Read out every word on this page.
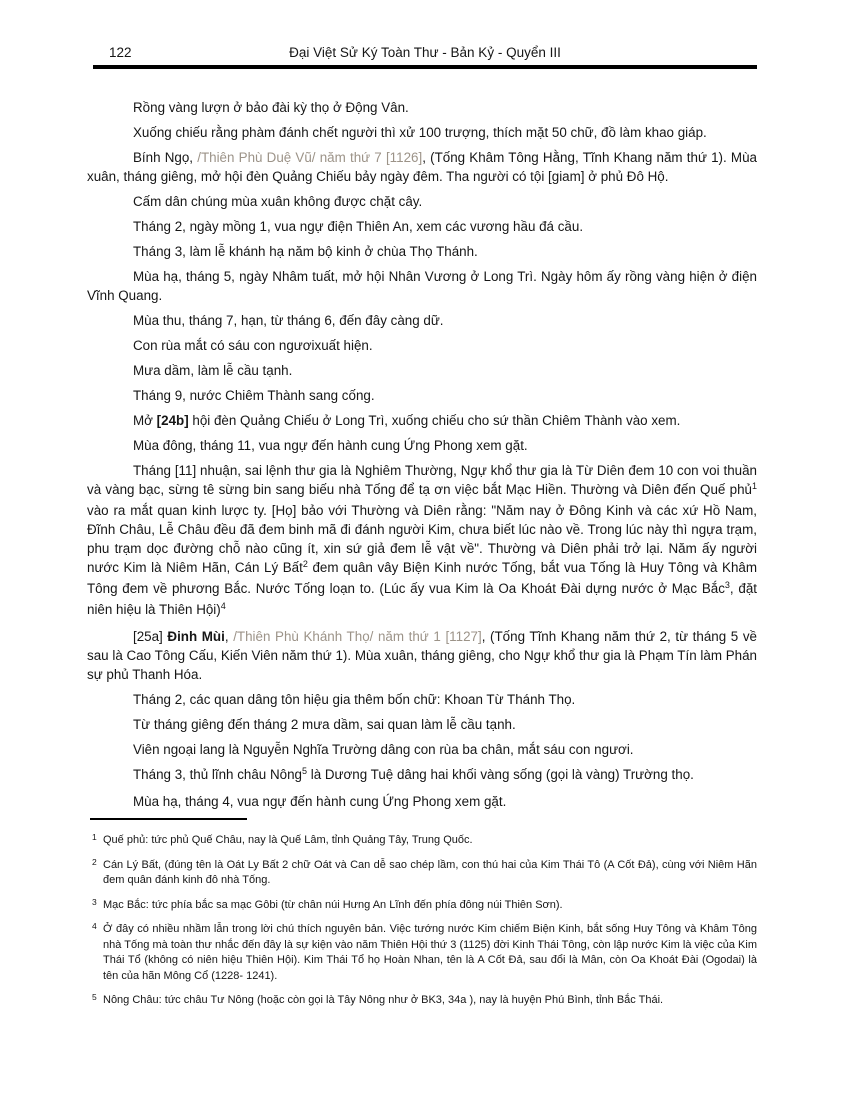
122	Đại Việt Sử Ký Toàn Thư - Bản Kỷ - Quyển III

Rồng vàng lượn ở bảo đài kỳ thọ ở Động Vân.

Xuống chiếu rằng phàm đánh chết người thì xử 100 trượng, thích mặt 50 chữ, đồ làm khao giáp.

Bính Ngọ, /Thiên Phù Duệ Vũ/ năm thứ 7 [1126], (Tống Khâm Tông Hằng, Tĩnh Khang năm thứ 1). Mùa xuân, tháng giêng, mở hội đèn Quảng Chiếu bảy ngày đêm. Tha người có tội [giam] ở phủ Đô Hộ.

Cấm dân chúng mùa xuân không được chặt cây.

Tháng 2, ngày mồng 1, vua ngự điện Thiên An, xem các vương hầu đá cầu.

Tháng 3, làm lễ khánh hạ năm bộ kinh ở chùa Thọ Thánh.

Mùa hạ, tháng 5, ngày Nhâm tuất, mở hội Nhân Vương ở Long Trì. Ngày hôm ấy rồng vàng hiện ở điện Vĩnh Quang.

Mùa thu, tháng 7, hạn, từ tháng 6, đến đây càng dữ.

Con rùa mắt có sáu con ngươixuất hiện.

Mưa dầm, làm lễ cầu tạnh.

Tháng 9, nước Chiêm Thành sang cống.

Mở [24b] hội đèn Quảng Chiếu ở Long Trì, xuống chiếu cho sứ thần Chiêm Thành vào xem.

Mùa đông, tháng 11, vua ngự đến hành cung Ứng Phong xem gặt.

Tháng [11] nhuận, sai lệnh thư gia là Nghiêm Thường, Ngự khổ thư gia là Từ Diên đem 10 con voi thuần và vàng bạc, sừng tê sừng bin sang biếu nhà Tống để tạ ơn việc bắt Mạc Hiền. Thường và Diên đến Quế phủ$^1$ vào ra mắt quan kinh lược ty. [Họ] bảo với Thường và Diên rằng: "Năm nay ở Đông Kinh và các xứ Hồ Nam, Đĩnh Châu, Lễ Châu đều đã đem binh mã đi đánh người Kim, chưa biết lúc nào về. Trong lúc này thì ngựa trạm, phu trạm dọc đường chỗ nào cũng ít, xin sứ giả đem lễ vật về". Thường và Diên phải trở lại. Năm ấy người nước Kim là Niêm Hãn, Cán Lý Bất$^2$ đem quân vây Biện Kinh nước Tống, bắt vua Tống là Huy Tông và Khâm Tông đem về phương Bắc. Nước Tống loạn to. (Lúc ấy vua Kim là Oa Khoát Đài dựng nước ở Mạc Bắc$^3$, đặt niên hiệu là Thiên Hội)$^4$

[25a] Đinh Mùi, /Thiên Phù Khánh Thọ/ năm thứ 1 [1127], (Tống Tĩnh Khang năm thứ 2, từ tháng 5 về sau là Cao Tông Cấu, Kiến Viên năm thứ 1). Mùa xuân, tháng giêng, cho Ngự khổ thư gia là Phạm Tín làm Phán sự phủ Thanh Hóa.

Tháng 2, các quan dâng tôn hiệu gia thêm bốn chữ: Khoan Từ Thánh Thọ.

Từ tháng giêng đến tháng 2 mưa dầm, sai quan làm lễ cầu tạnh.

Viên ngoại lang là Nguyễn Nghĩa Trường dâng con rùa ba chân, mắt sáu con ngươi.

Tháng 3, thủ lĩnh châu Nông$^5$ là Dương Tuệ dâng hai khối vàng sống (gọi là vàng) Trường thọ.

Mùa hạ, tháng 4, vua ngự đến hành cung Ứng Phong xem gặt.

1 Quế phủ: tức phủ Quế Châu, nay là Quế Lâm, tỉnh Quảng Tây, Trung Quốc.
2 Cán Lý Bất, (đúng tên là Oát Ly Bất 2 chữ Oát và Can dễ sao chép lầm, con thú hai của Kim Thái Tô (A Cốt Đả), cùng với Niêm Hãn đem quân đánh kinh đô nhà Tống.
3 Mạc Bắc: tức phía bắc sa mạc Gôbi (từ chân núi Hưng An Lĩnh đến phía đông núi Thiên Sơn).
4 Ở đây có nhiều nhầm lẫn trong lời chú thích nguyên bản. Việc tướng nước Kim chiếm Biện Kinh, bắt sống Huy Tông và Khâm Tông nhà Tống mà toàn thư nhắc đến đây là sự kiện vào năm Thiên Hội thứ 3 (1125) đời Kinh Thái Tông, còn lập nước Kim là việc của Kim Thái Tổ (không có niên hiệu Thiên Hội). Kim Thái Tổ họ Hoàn Nhan, tên là A Cốt Đả, sau đổi là Mân, còn Oa Khoát Đài (Ogodai) là tên của hãn Mông Cổ (1228- 1241).
5 Nông Châu: tức châu Tư Nông (hoặc còn gọi là Tây Nông như ở BK3, 34a ), nay là huyện Phú Bình, tỉnh Bắc Thái.
